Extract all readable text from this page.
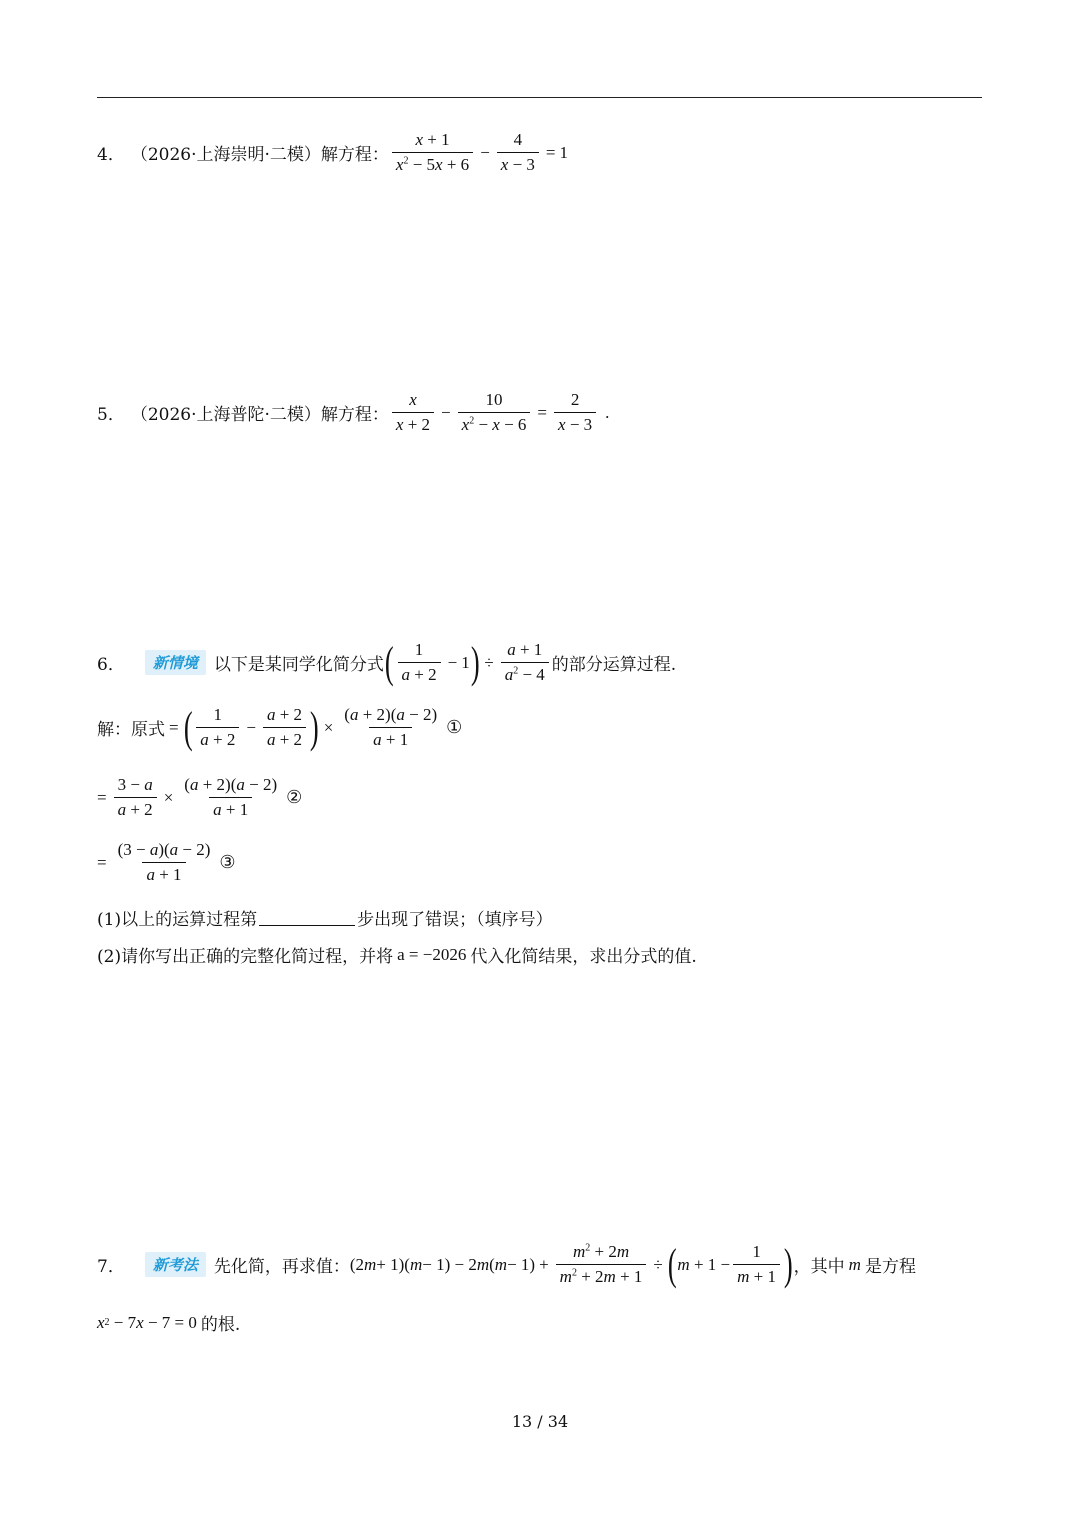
4． （2026·上海崇明·二模）解方程： $\frac{x + 1}{x^2 - 5x + 6} - \frac{4}{x - 3} = 1$
5． （2026·上海普陀·二模）解方程： $\frac{x}{x + 2} - \frac{10}{x^2 - x - 6} = \frac{2}{x - 3}$ .
6．	新情境 以下是某同学化简分式 ( $\frac{1}{a + 2} - 1$ ) ÷ $\frac{a + 1}{a^2 - 4}$ 的部分运算过程.
解：原式 = ( $\frac{1}{a + 2} - \frac{a + 2}{a + 2}$ ) × $\frac{(a + 2)(a - 2)}{a + 1}$ ①
= $\frac{3 - a}{a + 2} \times \frac{(a + 2)(a - 2)}{a + 1}$ ②
= $\frac{(3 - a)(a - 2)}{a + 1}$ ③
(1)以上的运算过程第	步出现了错误；（填序号）
(2)请你写出正确的完整化简过程，并将 a = −2026 代入化简结果，求出分式的值.
7．	新考法 先化简，再求值： (2 m + 1)( m − 1) − 2 m ( $m - 1) + \frac{m^2 + 2m}{m^2 + 2m + 1}$ ÷ ( $m + 1 - \frac{1}{m + 1}$ ) ，其中 m 是方程
x 2 − 7 x − 7 = 0 的根.
13 / 34
